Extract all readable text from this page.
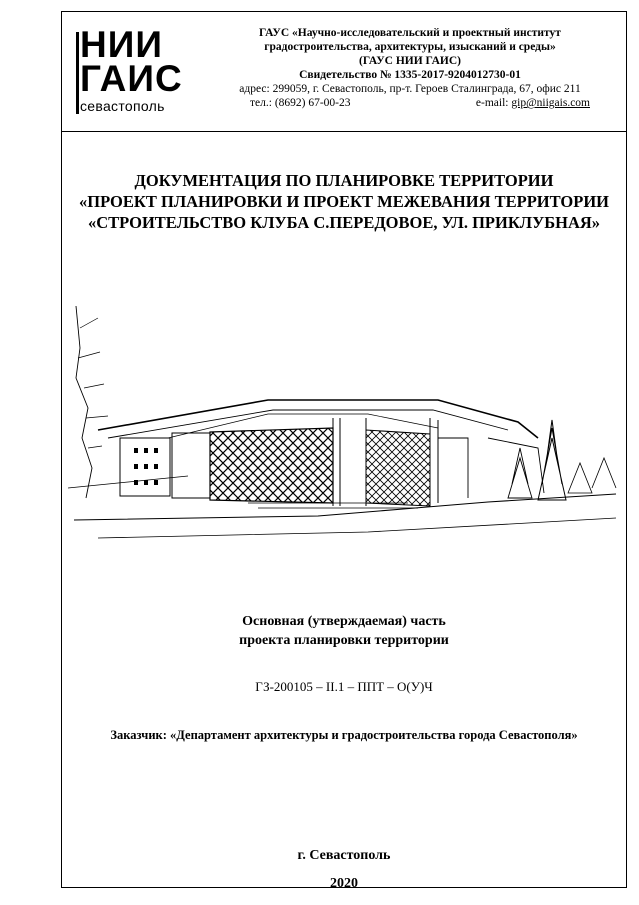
НИИ
ГАИС
севастополь
ГАУС «Научно-исследовательский и проектный институт
градостроительства, архитектуры, изысканий и среды»
(ГАУС НИИ ГАИС)
Свидетельство № 1335-2017-9204012730-01
адрес: 299059, г. Севастополь, пр-т. Героев Сталинграда, 67, офис 211
тел.: (8692) 67-00-23	e-mail: gip@niigais.com
ДОКУМЕНТАЦИЯ ПО ПЛАНИРОВКЕ ТЕРРИТОРИИ
«ПРОЕКТ ПЛАНИРОВКИ И ПРОЕКТ МЕЖЕВАНИЯ ТЕРРИТОРИИ
«СТРОИТЕЛЬСТВО КЛУБА С.ПЕРЕДОВОЕ, УЛ. ПРИКЛУБНАЯ»
Основная (утверждаемая) часть
проекта планировки территории
ГЗ-200105 – II.1 – ППТ – О(У)Ч
Заказчик: «Департамент архитектуры и градостроительства города Севастополя»
г. Севастополь
2020
